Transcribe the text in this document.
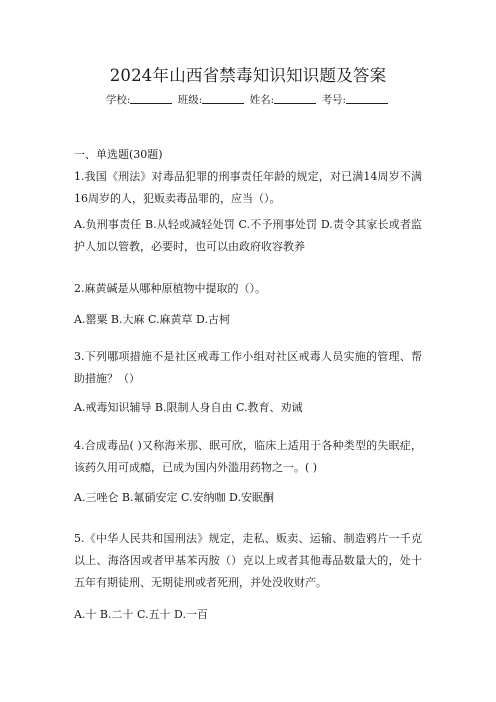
2024年山西省禁毒知识知识题及答案
学校:	班级:	姓名:	考号:
一、单选题(30题)
1.我国《刑法》对毒品犯罪的刑事责任年龄的规定，对已满14周岁不满16周岁的人，犯贩卖毒品罪的，应当（）。
A.负刑事责任 B.从轻或减轻处罚 C.不予刑事处罚 D.责令其家长或者监护人加以管教，必要时，也可以由政府收容教养
2.麻黄碱是从哪种原植物中提取的（）。
A.罂粟 B.大麻 C.麻黄草 D.古柯
3.下列哪项措施不是社区戒毒工作小组对社区戒毒人员实施的管理、帮助措施？（）
A.戒毒知识辅导 B.限制人身自由 C.教育、劝诫
4.合成毒品( )又称海米那、眠可欣，临床上适用于各种类型的失眠症，该药久用可成瘾，已成为国内外滥用药物之一。( )
A.三唑仑 B.氟硝安定 C.安纳咖 D.安眠酮
5.《中华人民共和国刑法》规定，走私、贩卖、运输、制造鸦片一千克以上、海洛因或者甲基苯丙胺（）克以上或者其他毒品数量大的，处十五年有期徒刑、无期徒刑或者死刑，并处没收财产。
A.十 B.二十 C.五十 D.一百
